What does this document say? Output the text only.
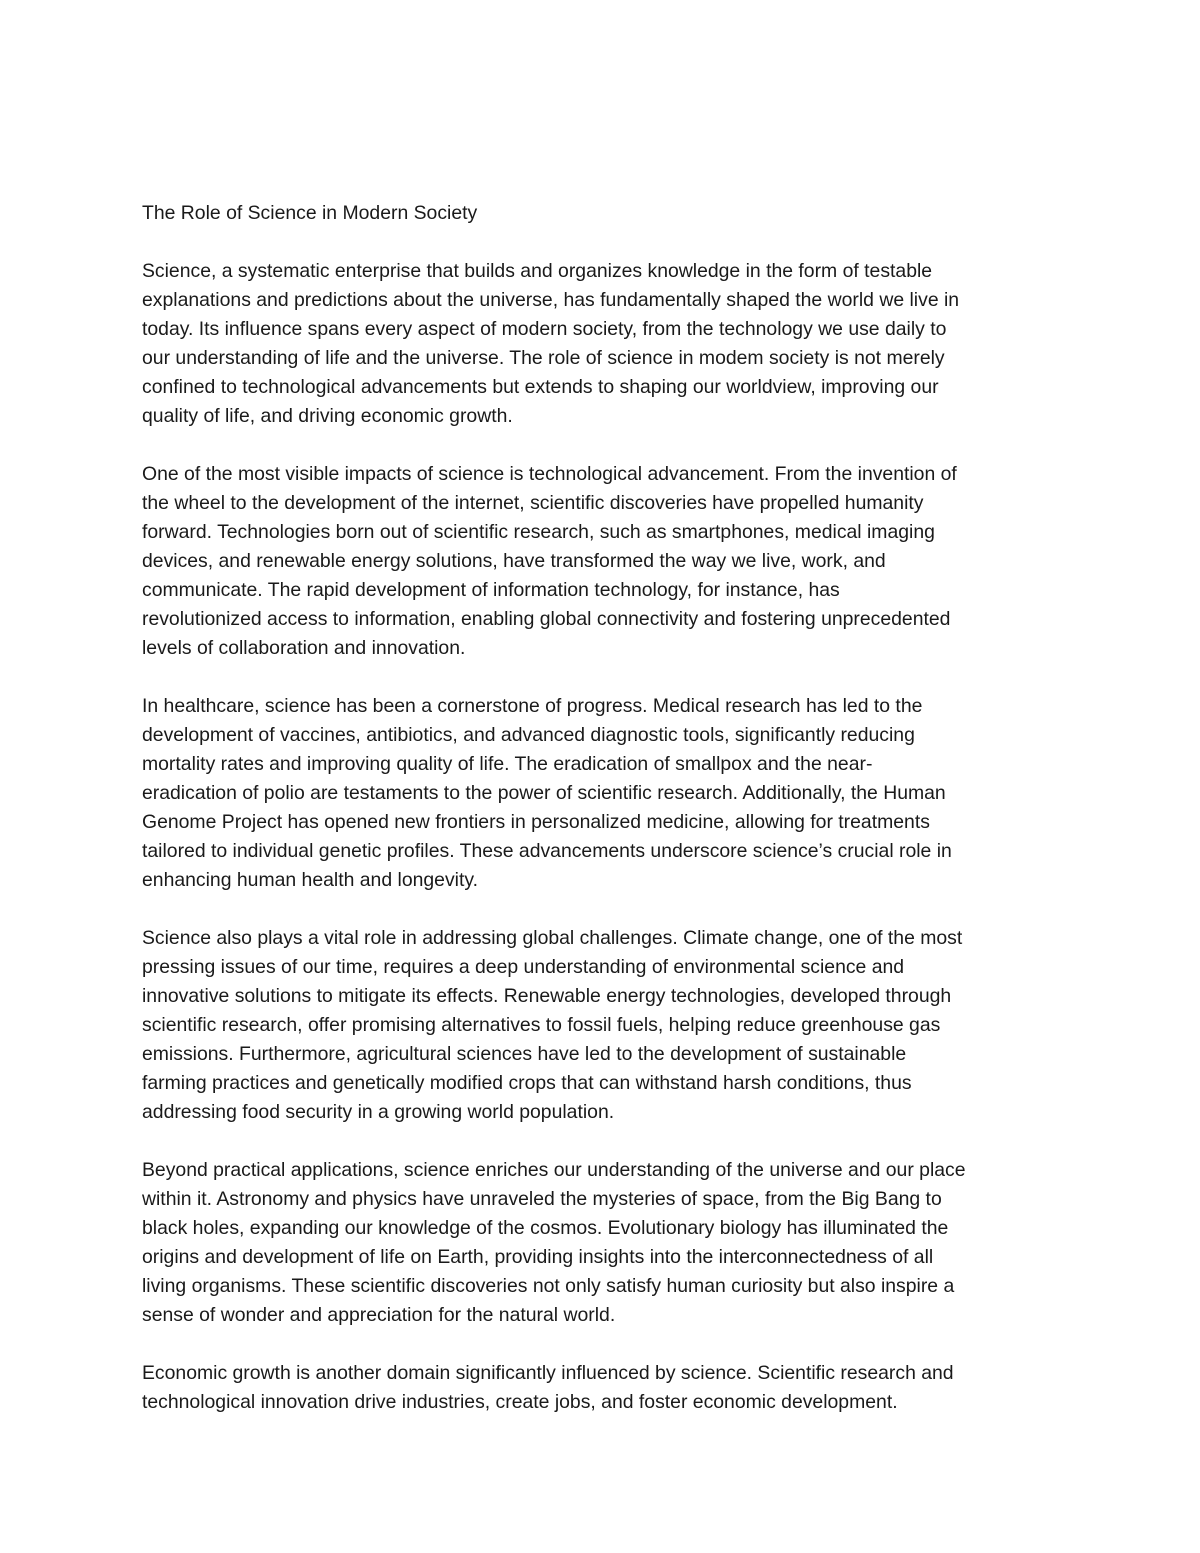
The Role of Science in Modern Society
Science, a systematic enterprise that builds and organizes knowledge in the form of testable
explanations and predictions about the universe, has fundamentally shaped the world we live in
today. Its influence spans every aspect of modern society, from the technology we use daily to
our understanding of life and the universe. The role of science in modem society is not merely
confined to technological advancements but extends to shaping our worldview, improving our
quality of life, and driving economic growth.
One of the most visible impacts of science is technological advancement. From the invention of
the wheel to the development of the internet, scientific discoveries have propelled humanity
forward. Technologies born out of scientific research, such as smartphones, medical imaging
devices, and renewable energy solutions, have transformed the way we live, work, and
communicate. The rapid development of information technology, for instance, has
revolutionized access to information, enabling global connectivity and fostering unprecedented
levels of collaboration and innovation.
In healthcare, science has been a cornerstone of progress. Medical research has led to the
development of vaccines, antibiotics, and advanced diagnostic tools, significantly reducing
mortality rates and improving quality of life. The eradication of smallpox and the near-
eradication of polio are testaments to the power of scientific research. Additionally, the Human
Genome Project has opened new frontiers in personalized medicine, allowing for treatments
tailored to individual genetic profiles. These advancements underscore science’s crucial role in
enhancing human health and longevity.
Science also plays a vital role in addressing global challenges. Climate change, one of the most
pressing issues of our time, requires a deep understanding of environmental science and
innovative solutions to mitigate its effects. Renewable energy technologies, developed through
scientific research, offer promising alternatives to fossil fuels, helping reduce greenhouse gas
emissions. Furthermore, agricultural sciences have led to the development of sustainable
farming practices and genetically modified crops that can withstand harsh conditions, thus
addressing food security in a growing world population.
Beyond practical applications, science enriches our understanding of the universe and our place
within it. Astronomy and physics have unraveled the mysteries of space, from the Big Bang to
black holes, expanding our knowledge of the cosmos. Evolutionary biology has illuminated the
origins and development of life on Earth, providing insights into the interconnectedness of all
living organisms. These scientific discoveries not only satisfy human curiosity but also inspire a
sense of wonder and appreciation for the natural world.
Economic growth is another domain significantly influenced by science. Scientific research and
technological innovation drive industries, create jobs, and foster economic development.
